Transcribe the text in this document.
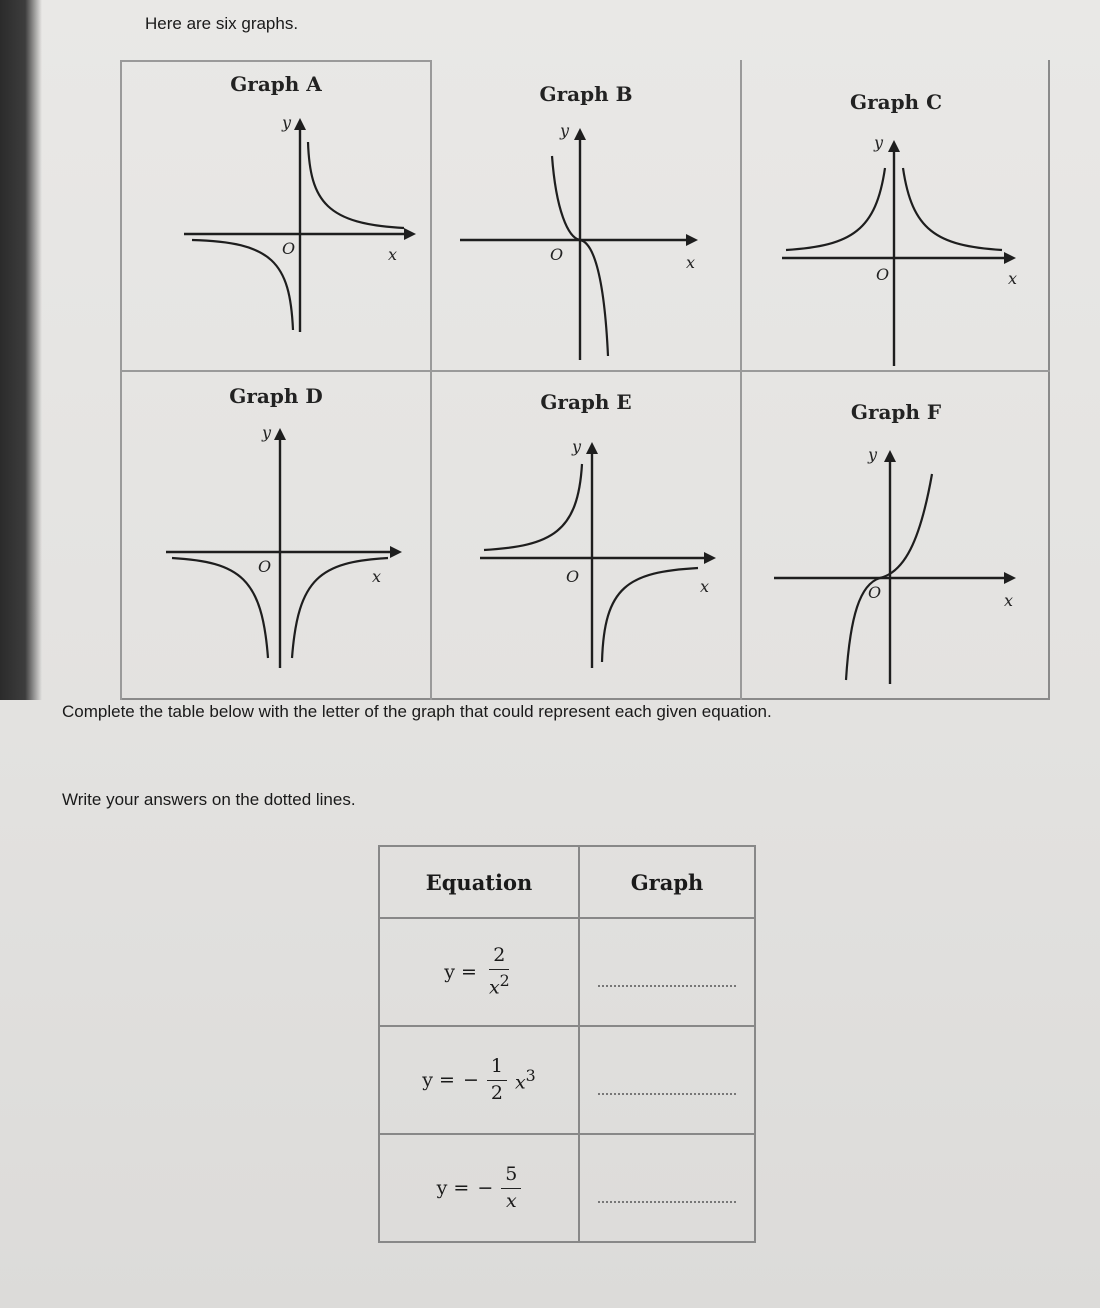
Here are six graphs.
Graph A
y
x
O
Graph B
y
x
O
Graph C
y
x
O
Graph D
y
x
O
Graph E
y
x
O
Graph F
y
x
O
Complete the table below with the letter of the graph that could represent each given equation.
Write your answers on the dotted lines.
Equation	Graph

$y = \frac{2}{x^2}$

y = − $\frac{1}{2} x^3$

y = − $\frac{5}{x}$
